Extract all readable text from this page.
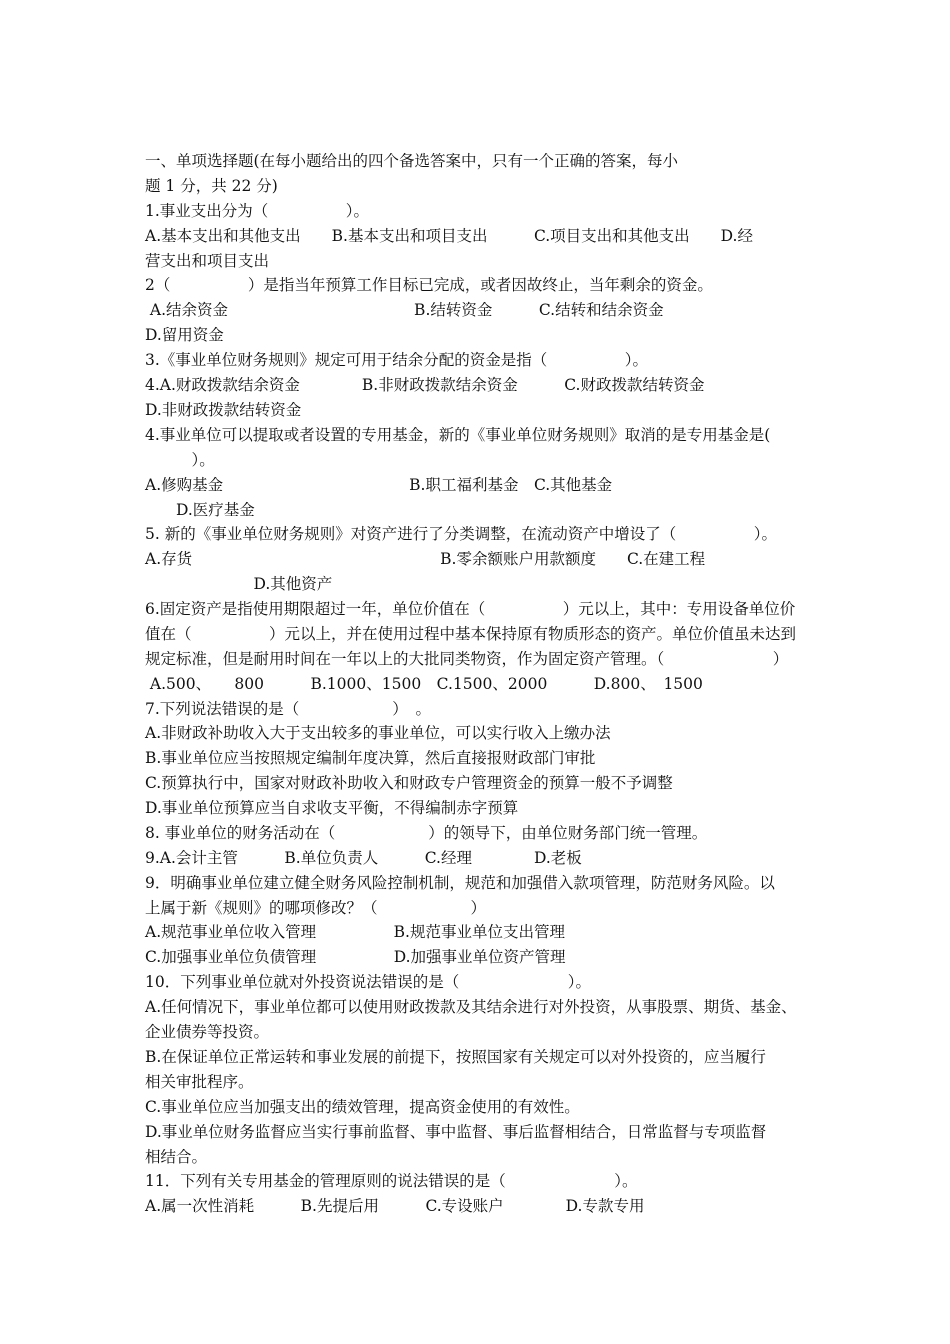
一、单项选择题(在每小题给出的四个备选答案中，只有一个正确的答案，每小
题 1 分，共 22 分)
1.事业支出分为（　　　　　）。
A.基本支出和其他支出　　B.基本支出和项目支出　　　C.项目支出和其他支出　　D.经
营支出和项目支出
2（　　　　　）是指当年预算工作目标已完成，或者因故终止，当年剩余的资金。
A.结余资金　　　　　　　　　　　　B.结转资金　　　C.结转和结余资金
D.留用资金
3.《事业单位财务规则》规定可用于结余分配的资金是指（　　　　　）。
4.A.财政拨款结余资金　　　　B.非财政拨款结余资金　　　C.财政拨款结转资金
D.非财政拨款结转资金
4.事业单位可以提取或者设置的专用基金，新的《事业单位财务规则》取消的是专用基金是(
　　　）。
A.修购基金　　　　　　　　　　　　B.职工福利基金　C.其他基金
　　D.医疗基金
5. 新的《事业单位财务规则》对资产进行了分类调整，在流动资产中增设了（　　　　　）。
A.存货　　　　　　　　　　　　　　　　B.零余额账户用款额度　　C.在建工程
　　　　　　　D.其他资产
6.固定资产是指使用期限超过一年，单位价值在（　　　　　）元以上，其中：专用设备单位价
值在（　　　　　）元以上，并在使用过程中基本保持原有物质形态的资产。单位价值虽未达到
规定标准，但是耐用时间在一年以上的大批同类物资，作为固定资产管理。（　　　　　　　）
A.500、　　800　　　B.1000、1500　C.1500、2000　　　D.800、　1500
7.下列说法错误的是（　　　　　　）　。
A.非财政补助收入大于支出较多的事业单位，可以实行收入上缴办法
B.事业单位应当按照规定编制年度决算，然后直接报财政部门审批
C.预算执行中，国家对财政补助收入和财政专户管理资金的预算一般不予调整
D.事业单位预算应当自求收支平衡，不得编制赤字预算
8. 事业单位的财务活动在（　　　　　　）的领导下，由单位财务部门统一管理。
9.A.会计主管　　　B.单位负责人　　　C.经理　　　　D.老板
9．明确事业单位建立健全财务风险控制机制，规范和加强借入款项管理，防范财务风险。以
上属于新《规则》的哪项修改？（　　　　　　）
A.规范事业单位收入管理　　　　　B.规范事业单位支出管理
C.加强事业单位负债管理　　　　　D.加强事业单位资产管理
10．下列事业单位就对外投资说法错误的是（　　　　　　　）。
A.任何情况下，事业单位都可以使用财政拨款及其结余进行对外投资，从事股票、期货、基金、
企业债券等投资。
B.在保证单位正常运转和事业发展的前提下，按照国家有关规定可以对外投资的，应当履行
相关审批程序。
C.事业单位应当加强支出的绩效管理，提高资金使用的有效性。
D.事业单位财务监督应当实行事前监督、事中监督、事后监督相结合，日常监督与专项监督
相结合。
11．下列有关专用基金的管理原则的说法错误的是（　　　　　　　）。
A.属一次性消耗　　　B.先提后用　　　C.专设账户　　　　D.专款专用
